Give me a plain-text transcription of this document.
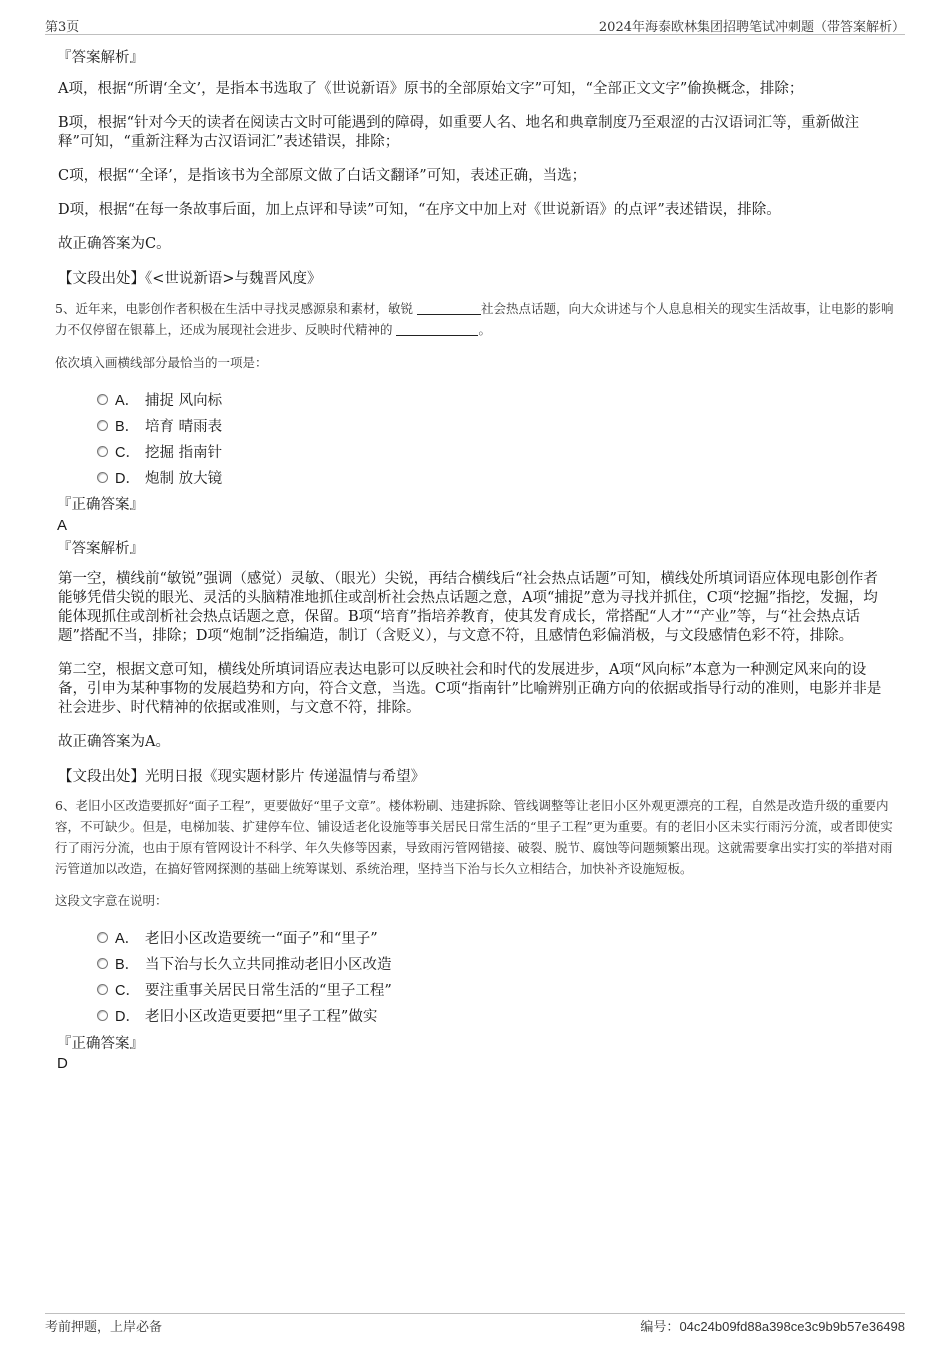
第3页	2024年海泰欧林集团招聘笔试冲刺题（带答案解析）

『答案解析』

A项，根据“所谓‘全文’，是指本书选取了《世说新语》原书的全部原始文字”可知，“全部正文文字”偷换概念，排除；

B项，根据“针对今天的读者在阅读古文时可能遇到的障碍，如重要人名、地名和典章制度乃至艰涩的古汉语词汇等，重新做注释”可知，“重新注释为古汉语词汇”表述错误，排除；

C项，根据“‘全译’，是指该书为全部原文做了白话文翻译”可知，表述正确，当选；

D项，根据“在每一条故事后面，加上点评和导读”可知，“在序文中加上对《世说新语》的点评”表述错误，排除。

故正确答案为C。

【文段出处】《<世说新语>与魏晋风度》

5、近年来，电影创作者积极在生活中寻找灵感源泉和素材，敏锐	社会热点话题，向大众讲述与个人息息相关的现实生活故事，让电影的影响力不仅停留在银幕上，还成为展现社会进步、反映时代精神的	。

依次填入画横线部分最恰当的一项是：

A． 捕捉 风向标
B． 培育 晴雨表
C． 挖掘 指南针
D． 炮制 放大镜

『正确答案』

A

『答案解析』

第一空，横线前“敏锐”强调（感觉）灵敏、（眼光）尖锐，再结合横线后“社会热点话题”可知，横线处所填词语应体现电影创作者能够凭借尖锐的眼光、灵活的头脑精准地抓住或剖析社会热点话题之意，A项“捕捉”意为寻找并抓住，C项“挖掘”指挖，发掘，均能体现抓住或剖析社会热点话题之意，保留。B项“培育”指培养教育，使其发育成长，常搭配“人才”“产业”等，与“社会热点话题”搭配不当，排除；D项“炮制”泛指编造，制订（含贬义），与文意不符，且感情色彩偏消极，与文段感情色彩不符，排除。

第二空，根据文意可知，横线处所填词语应表达电影可以反映社会和时代的发展进步，A项“风向标”本意为一种测定风来向的设备，引申为某种事物的发展趋势和方向，符合文意，当选。C项“指南针”比喻辨别正确方向的依据或指导行动的准则，电影并非是社会进步、时代精神的依据或准则，与文意不符，排除。

故正确答案为A。

【文段出处】光明日报《现实题材影片 传递温情与希望》

6、老旧小区改造要抓好“面子工程”，更要做好“里子文章”。楼体粉刷、违建拆除、管线调整等让老旧小区外观更漂亮的工程，自然是改造升级的重要内容，不可缺少。但是，电梯加装、扩建停车位、铺设适老化设施等事关居民日常生活的“里子工程”更为重要。有的老旧小区未实行雨污分流，或者即使实行了雨污分流，也由于原有管网设计不科学、年久失修等因素，导致雨污管网错接、破裂、脱节、腐蚀等问题频繁出现。这就需要拿出实打实的举措对雨污管道加以改造，在搞好管网探测的基础上统筹谋划、系统治理，坚持当下治与长久立相结合，加快补齐设施短板。

这段文字意在说明：

A． 老旧小区改造要统一“面子”和“里子”
B． 当下治与长久立共同推动老旧小区改造
C． 要注重事关居民日常生活的“里子工程”
D． 老旧小区改造更要把“里子工程”做实

『正确答案』

D

考前押题，上岸必备	编号：04c24b09fd88a398ce3c9b9b57e36498
